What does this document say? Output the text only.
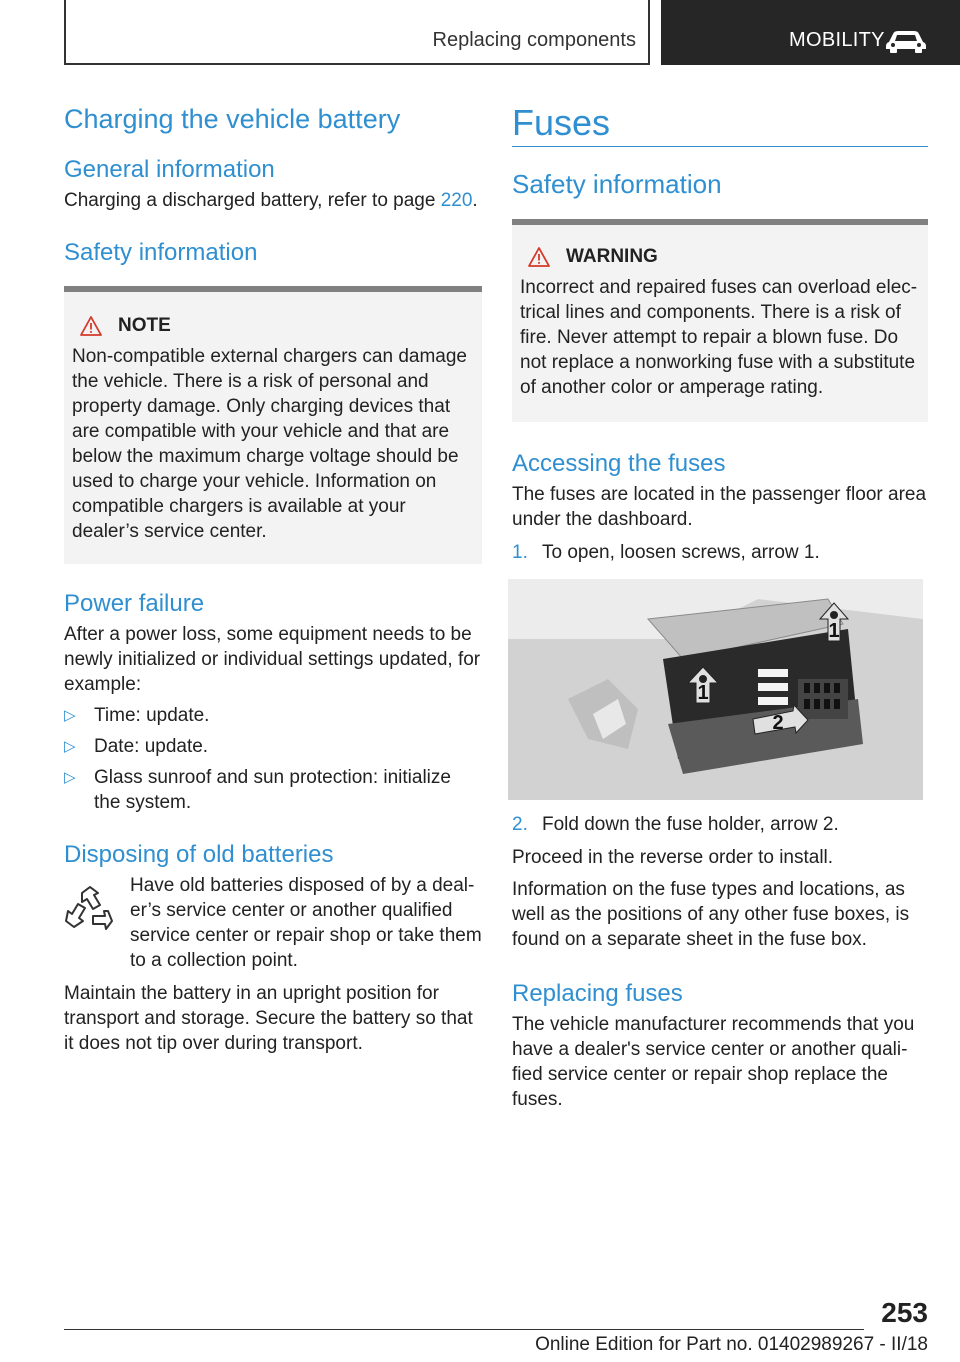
Replacing components	MOBILITY
Charging the vehicle battery
General information

Charging a discharged battery, refer to page 220.

Safety information
NOTE

Non-compatible external chargers can damage the vehicle. There is a risk of personal and property damage. Only charging devices that are compatible with your vehicle and that are below the maximum charge voltage should be used to charge your vehicle. Information on compatible chargers is available at your dealer’s service center.

Power failure

After a power loss, some equipment needs to be newly initialized or individual settings updated, for example:

▷ Time: update.
▷ Date: update.
▷ Glass sunroof and sun protection: initialize the system.
Disposing of old batteries

Have old batteries disposed of by a deal‐er’s service center or another qualified service center or repair shop or take them to a collection point.

Maintain the battery in an upright position for transport and storage. Secure the battery so that it does not tip over during transport.

Fuses
Safety information
WARNING

Incorrect and repaired fuses can overload elec‐trical lines and components. There is a risk of fire. Never attempt to repair a blown fuse. Do not replace a nonworking fuse with a substitute of another color or amperage rating.

Accessing the fuses

The fuses are located in the passenger floor area under the dashboard.

1. To open, loosen screws, arrow 1.
1
1
2
2. Fold down the fuse holder, arrow 2.

Proceed in the reverse order to install.

Information on the fuse types and locations, as well as the positions of any other fuse boxes, is found on a separate sheet in the fuse box.

Replacing fuses

The vehicle manufacturer recommends that you have a dealer's service center or another quali‐fied service center or repair shop replace the fuses.

253
Online Edition for Part no. 01402989267 - II/18
